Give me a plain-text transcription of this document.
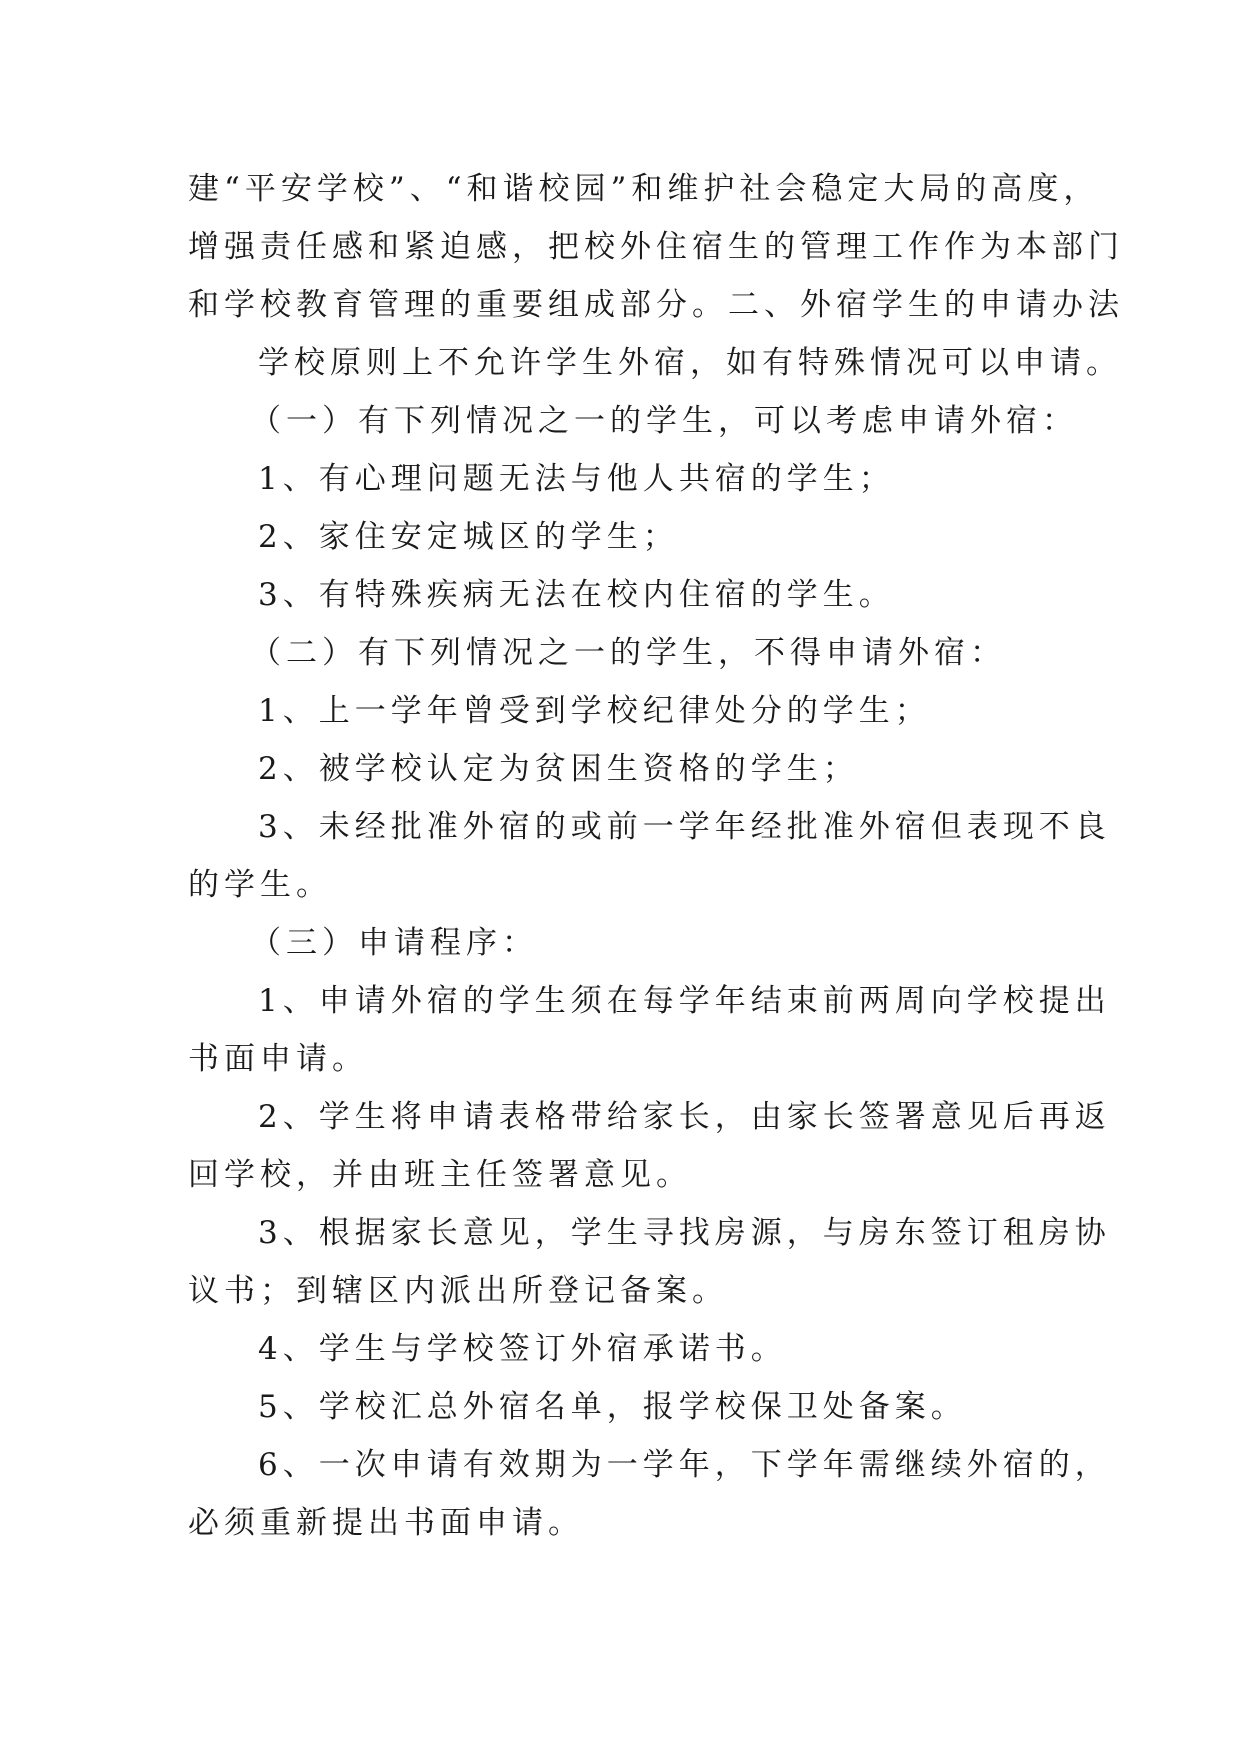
建“平安学校”、“和谐校园”和维护社会稳定大局的高度，

增强责任感和紧迫感，把校外住宿生的管理工作作为本部门

和学校教育管理的重要组成部分。二、外宿学生的申请办法

学校原则上不允许学生外宿，如有特殊情况可以申请。

（一）有下列情况之一的学生，可以考虑申请外宿：

1、有心理问题无法与他人共宿的学生；

2、家住安定城区的学生；

3、有特殊疾病无法在校内住宿的学生。

（二）有下列情况之一的学生，不得申请外宿：

1、上一学年曾受到学校纪律处分的学生；

2、被学校认定为贫困生资格的学生；

3、未经批准外宿的或前一学年经批准外宿但表现不良

的学生。

（三）申请程序：

1、申请外宿的学生须在每学年结束前两周向学校提出

书面申请。

2、学生将申请表格带给家长，由家长签署意见后再返

回学校，并由班主任签署意见。

3、根据家长意见，学生寻找房源，与房东签订租房协

议书；到辖区内派出所登记备案。

4、学生与学校签订外宿承诺书。

5、学校汇总外宿名单，报学校保卫处备案。

6、一次申请有效期为一学年，下学年需继续外宿的，

必须重新提出书面申请。
